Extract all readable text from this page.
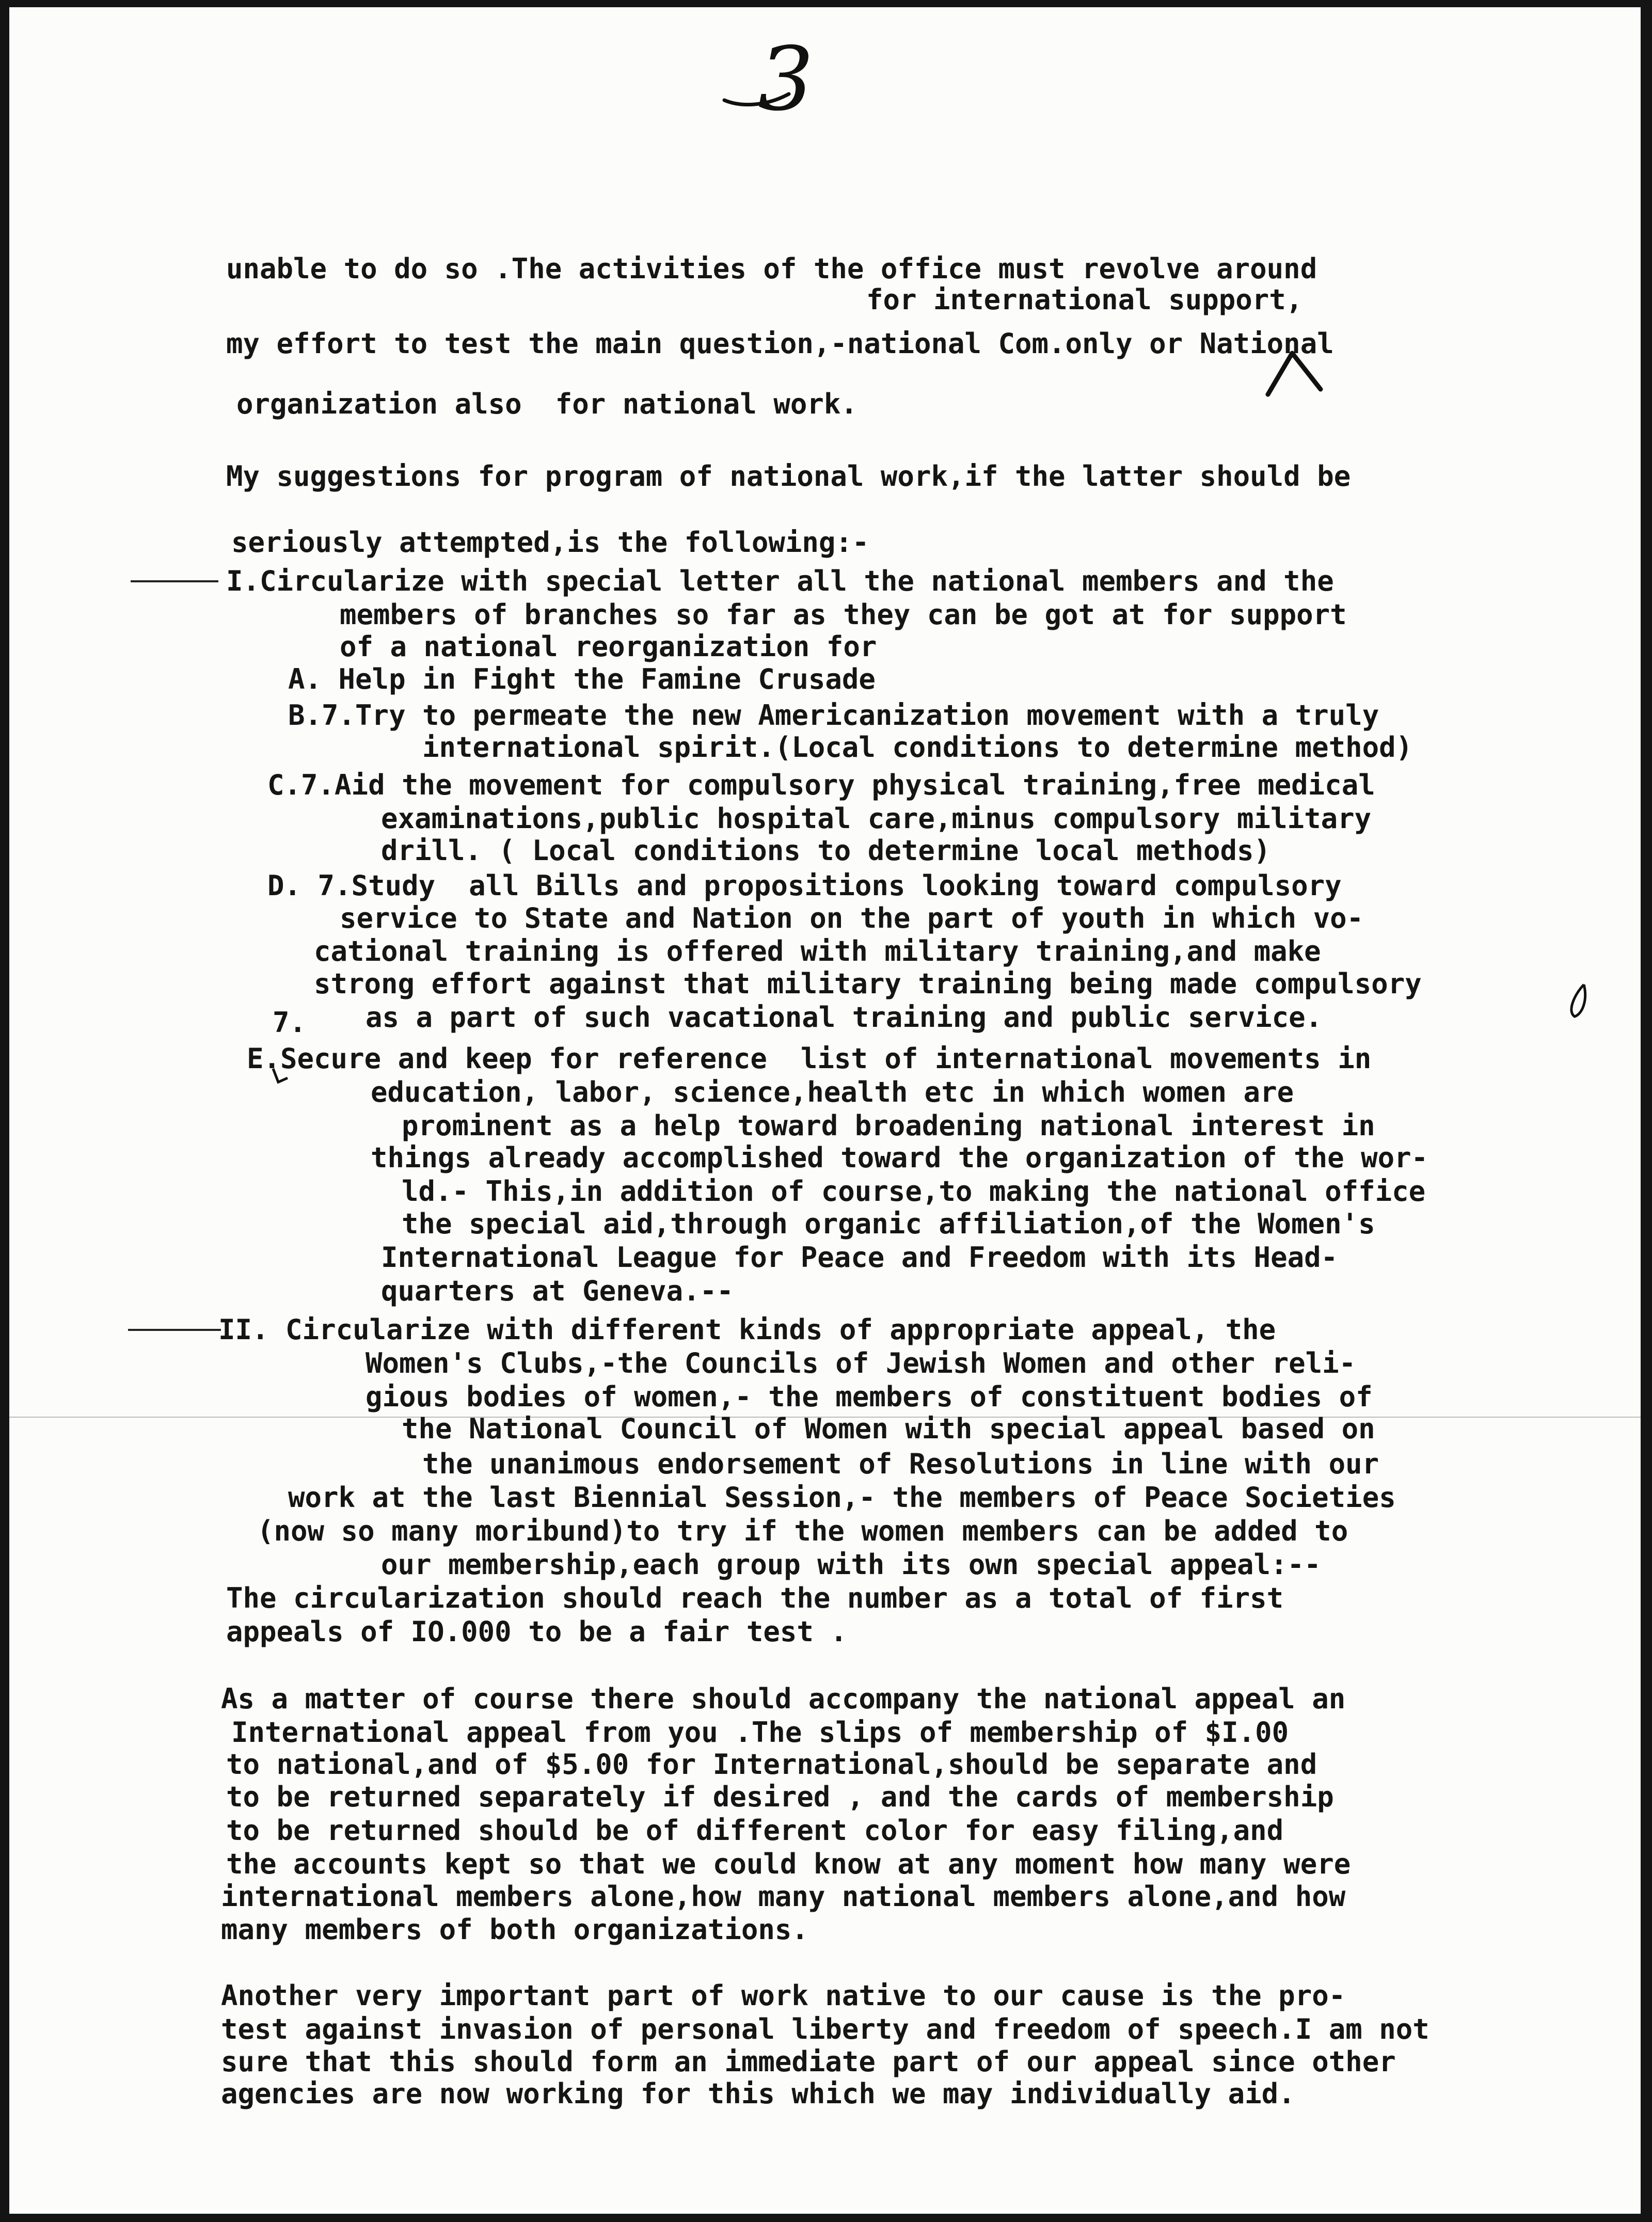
3
unable to do so .The activities of the office must revolve around
for international support,
my effort to test the main question,-national Com.only or National
organization also  for national work.
My suggestions for program of national work,if the latter should be
seriously attempted,is the following:-
I.Circularize with special letter all the national members and the
members of branches so far as they can be got at for support
of a national reorganization for
A. Help in Fight the Famine Crusade
B.7.Try to permeate the new Americanization movement with a truly
international spirit.(Local conditions to determine method)
C.7.Aid the movement for compulsory physical training,free medical
examinations,public hospital care,minus compulsory military
drill. ( Local conditions to determine local methods)
D. 7.Study  all Bills and propositions looking toward compulsory
service to State and Nation on the part of youth in which vo-
cational training is offered with military training,and make
strong effort against that military training being made compulsory
7. as a part of such vacational training and public service.
E.Secure and keep for reference  list of international movements in
education, labor, science,health etc in which women are
prominent as a help toward broadening national interest in
things already accomplished toward the organization of the wor-
ld.- This,in addition of course,to making the national office
the special aid,through organic affiliation,of the Women's
International League for Peace and Freedom with its Head-
quarters at Geneva.--
II. Circularize with different kinds of appropriate appeal, the
Women's Clubs,-the Councils of Jewish Women and other reli-
gious bodies of women,- the members of constituent bodies of
the National Council of Women with special appeal based on
the unanimous endorsement of Resolutions in line with our
work at the last Biennial Session,- the members of Peace Societies
(now so many moribund)to try if the women members can be added to
our membership,each group with its own special appeal:--
The circularization should reach the number as a total of first
appeals of IO.000 to be a fair test .
As a matter of course there should accompany the national appeal an
International appeal from you .The slips of membership of $I.00
to national,and of $5.00 for International,should be separate and
to be returned separately if desired , and the cards of membership
to be returned should be of different color for easy filing,and
the accounts kept so that we could know at any moment how many were
international members alone,how many national members alone,and how
many members of both organizations.
Another very important part of work native to our cause is the pro-
test against invasion of personal liberty and freedom of speech.I am not
sure that this should form an immediate part of our appeal since other
agencies are now working for this which we may individually aid.
